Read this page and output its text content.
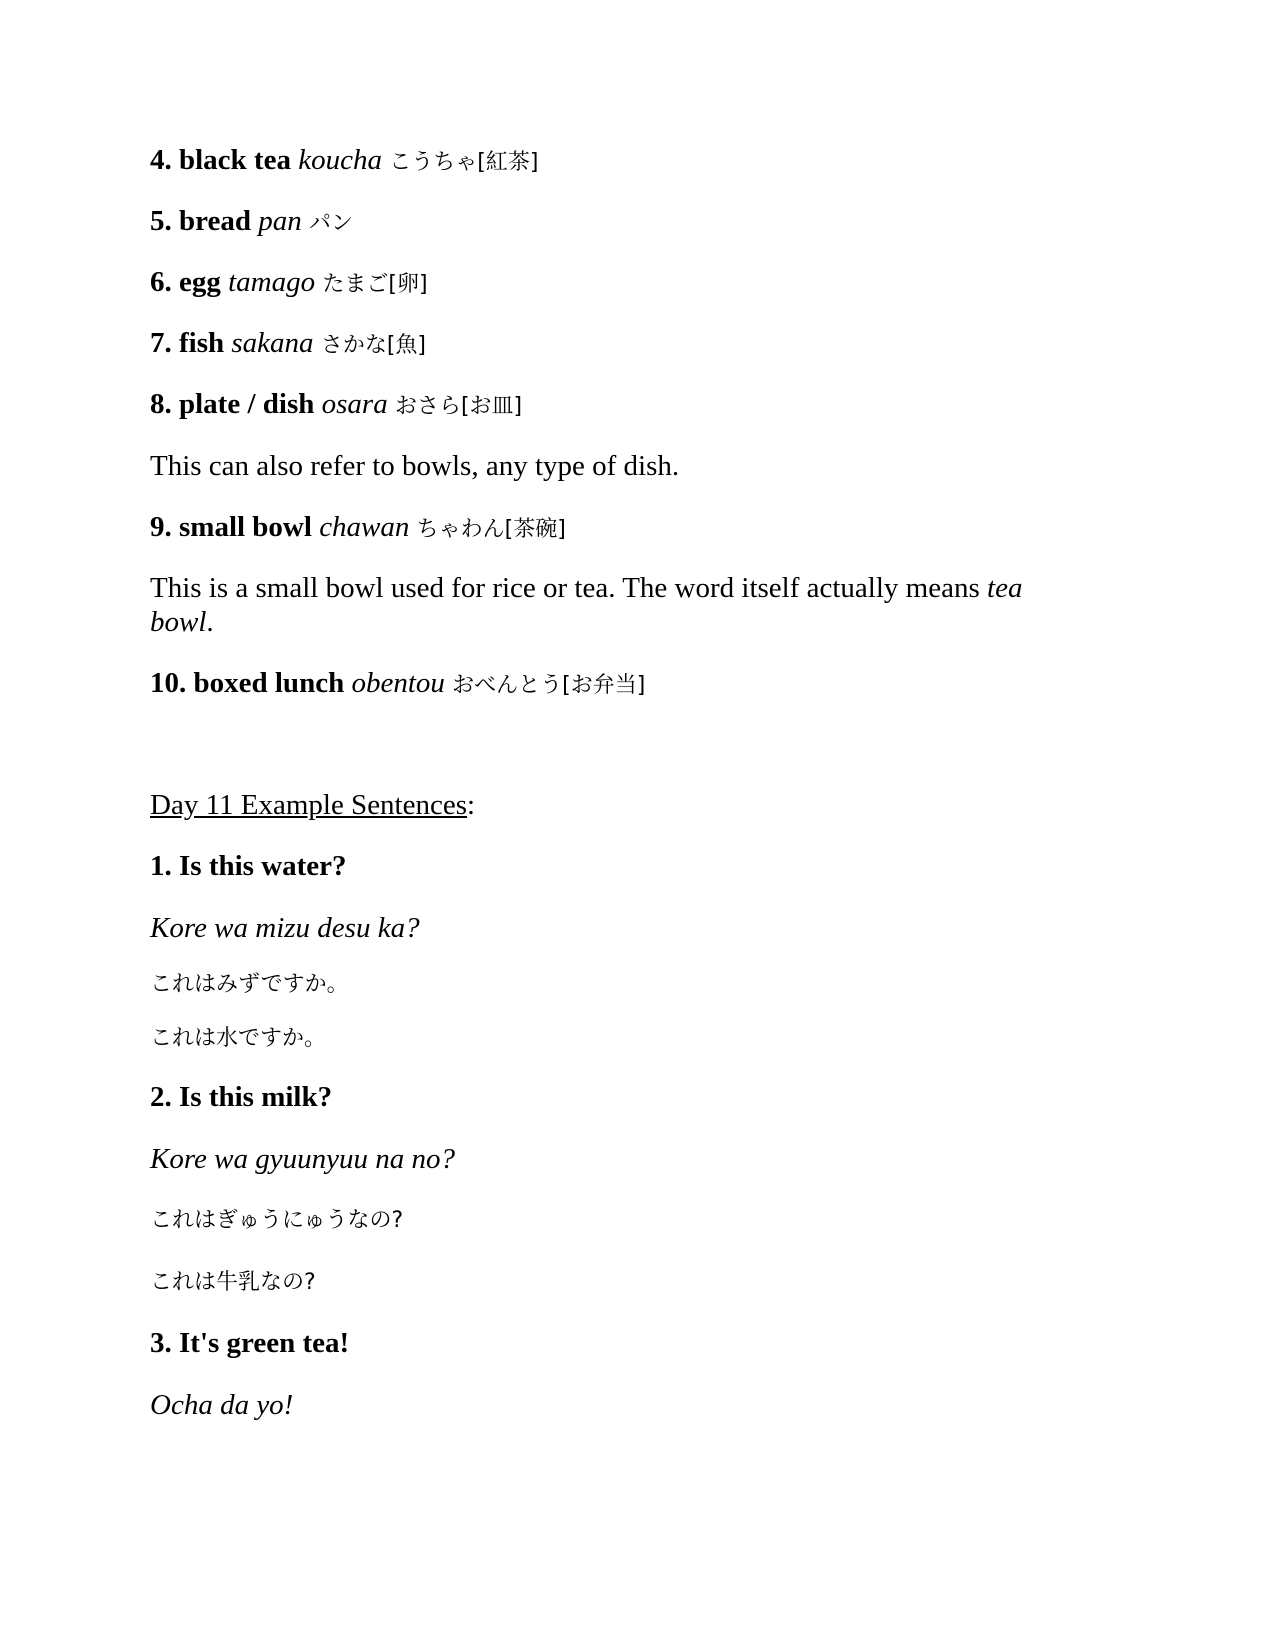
4. black tea koucha こうちゃ[紅茶]
5. bread pan パン
6. egg tamago たまご[卵]
7. fish sakana さかな[魚]
8. plate / dish osara おさら[お皿]
This can also refer to bowls, any type of dish.
9. small bowl chawan ちゃわん[茶碗]
This is a small bowl used for rice or tea. The word itself actually means tea bowl.
10. boxed lunch obentou おべんとう[お弁当]
Day 11 Example Sentences:
1. Is this water?
Kore wa mizu desu ka?
これはみずですか。
これは水ですか。
2. Is this milk?
Kore wa gyuunyuu na no?
これはぎゅうにゅうなの?
これは牛乳なの?
3. It's green tea!
Ocha da yo!
